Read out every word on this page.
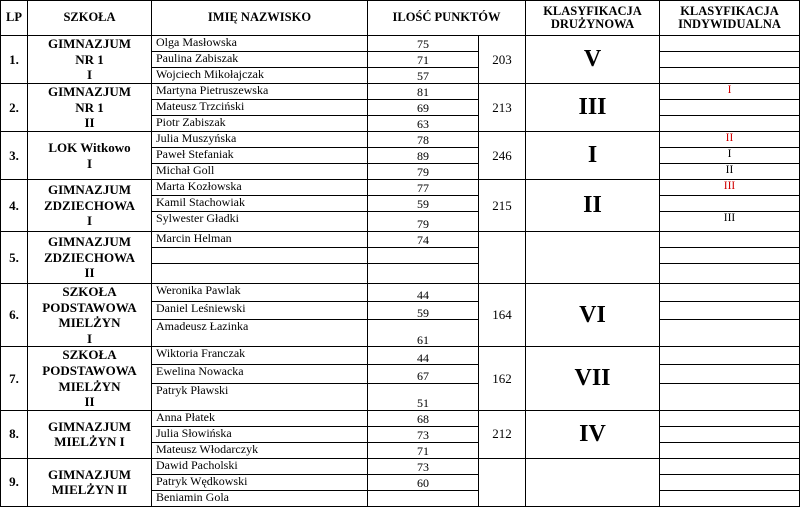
LP	SZKOŁA	IMIĘ NAZWISKO	ILOŚĆ PUNKTÓW		KLASYFIKACJA DRUŻYNOWA	KLASYFIKACJA INDYWIDUALNA
1.	GIMNAZJUM
NR 1
I	Olga Masłowska	75	203	V	
		Paulina Zabiszak	71			
		Wojciech Mikołajczak	57			
2.	GIMNAZJUM
NR 1
II	Martyna Pietruszewska	81	213	III	I
		Mateusz Trzciński	69			
		Piotr Zabiszak	63			
3.	LOK Witkowo
I	Julia Muszyńska	78	246	I	II
		Paweł Stefaniak	89			I
		Michał Goll	79			II
4.	GIMNAZJUM
ZDZIECHOWA
I	Marta Kozłowska	77	215	II	III
		Kamil Stachowiak	59			
		Sylwester Gładki	79			III
5.	GIMNAZJUM
ZDZIECHOWA
II	Marcin Helman	74			

6.	SZKOŁA
PODSTAWOWA
MIELŻYN
I	Weronika Pawlak	44	164	VI	
		Daniel Leśniewski	59			
		Amadeusz Łazinka	61			
7.	SZKOŁA
PODSTAWOWA
MIELŻYN
II	Wiktoria Franczak	44	162	VII	
		Ewelina Nowacka	67			
		Patryk Pławski	51			
8.	GIMNAZJUM
MIELŻYN I	Anna Płatek	68	212	IV	
		Julia Słowińska	73			
		Mateusz Włodarczyk	71			
9.	GIMNAZJUM
MIELŻYN II	Dawid Pacholski	73			
		Patryk Wędkowski	60			
		Beniamin Gola				
